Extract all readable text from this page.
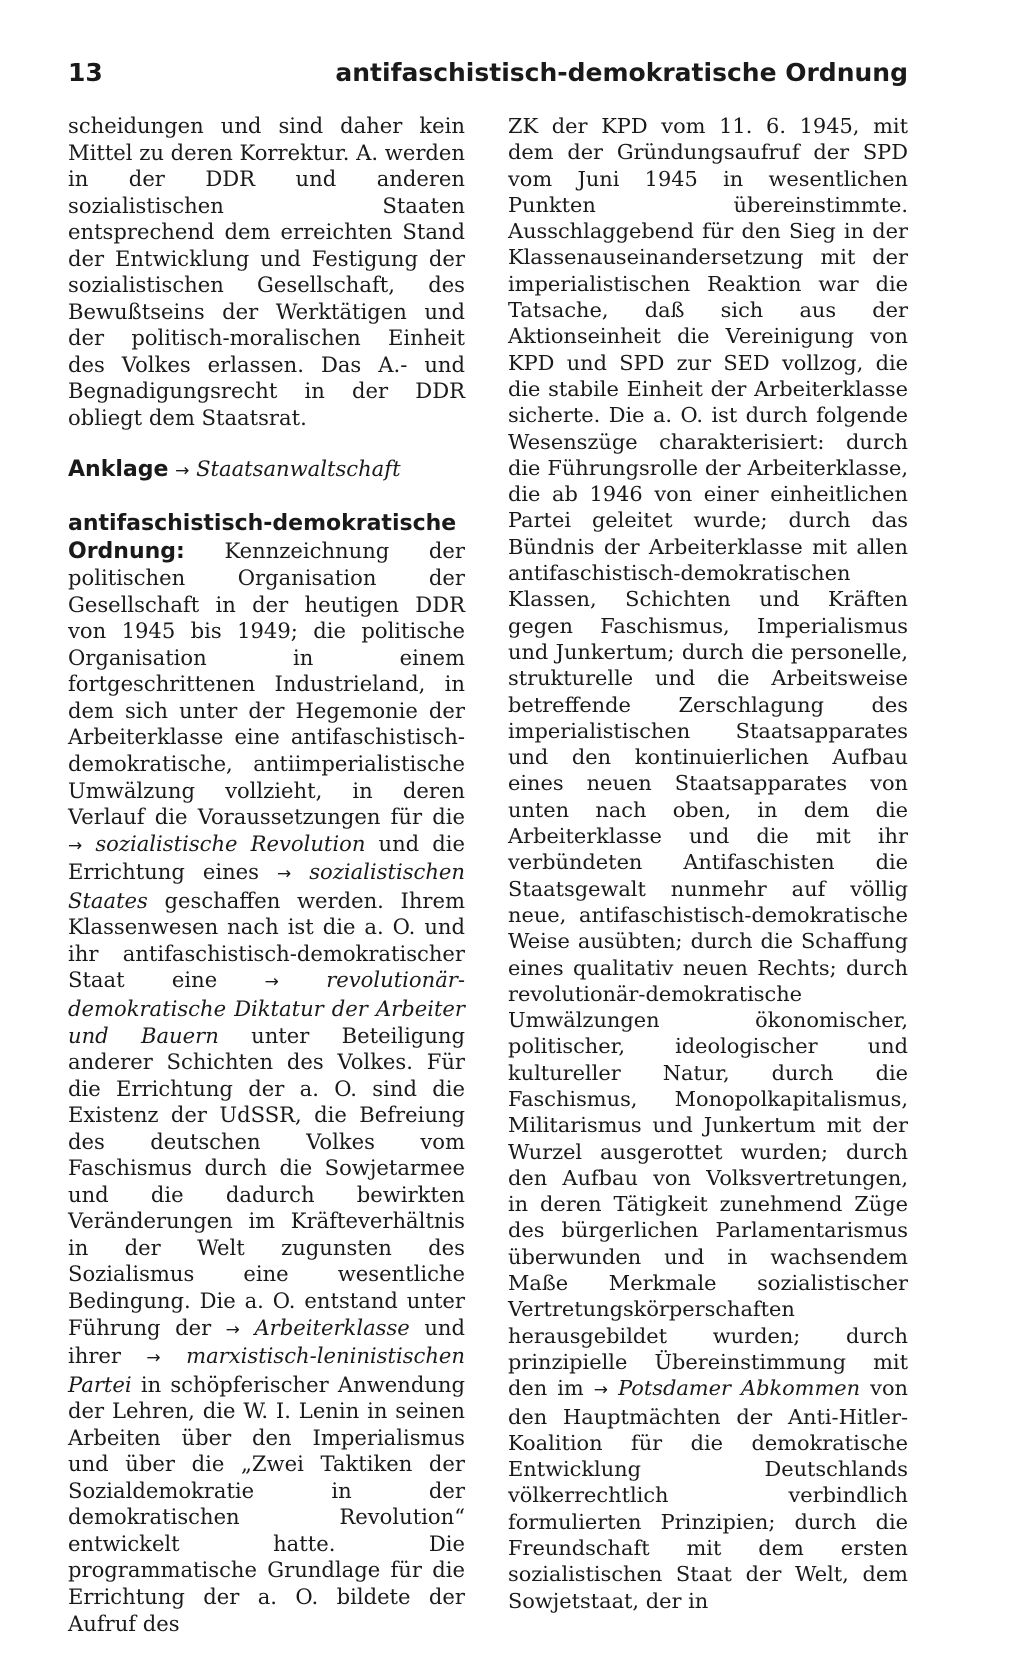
13	antifaschistisch-demokratische Ordnung

scheidungen und sind daher kein Mittel zu deren Korrektur. A. werden in der DDR und anderen sozialistischen Staaten entsprechend dem erreichten Stand der Entwicklung und Festigung der sozialistischen Gesellschaft, des Bewußtseins der Werktätigen und der politisch-moralischen Einheit des Volkes erlassen. Das A.- und Begnadigungsrecht in der DDR obliegt dem Staatsrat.

Anklage → Staatsanwaltschaft

antifaschistisch-demokratische
Ordnung: Kennzeichnung der politischen Organisation der Gesellschaft in der heutigen DDR von 1945 bis 1949; die politische Organisation in einem fortgeschrittenen Industrieland, in dem sich unter der Hegemonie der Arbeiterklasse eine antifaschistisch-demokratische, antiimperialistische Umwälzung vollzieht, in deren Verlauf die Voraussetzungen für die → sozialistische Revolution und die Errichtung eines → sozialistischen Staates geschaffen werden. Ihrem Klassenwesen nach ist die a. O. und ihr antifaschistisch-demokratischer Staat eine → revolutionär-demokratische Diktatur der Arbeiter und Bauern unter Beteiligung anderer Schichten des Volkes. Für die Errichtung der a. O. sind die Existenz der UdSSR, die Befreiung des deutschen Volkes vom Faschismus durch die Sowjetarmee und die dadurch bewirkten Veränderungen im Kräfteverhältnis in der Welt zugunsten des Sozialismus eine wesentliche Bedingung. Die a. O. entstand unter Führung der → Arbeiterklasse und ihrer → marxistisch-leninistischen Partei in schöpferischer Anwendung der Lehren, die W. I. Lenin in seinen Arbeiten über den Imperialismus und über die „Zwei Taktiken der Sozialdemokratie in der demokratischen Revolution“ entwickelt hatte. Die programmatische Grundlage für die Errichtung der a. O. bildete der Aufruf des

ZK der KPD vom 11. 6. 1945, mit dem der Gründungsaufruf der SPD vom Juni 1945 in wesentlichen Punkten übereinstimmte. Ausschlaggebend für den Sieg in der Klassenauseinandersetzung mit der imperialistischen Reaktion war die Tatsache, daß sich aus der Aktionseinheit die Vereinigung von KPD und SPD zur SED vollzog, die die stabile Einheit der Arbeiterklasse sicherte. Die a. O. ist durch folgende Wesenszüge charakterisiert: durch die Führungsrolle der Arbeiterklasse, die ab 1946 von einer einheitlichen Partei geleitet wurde; durch das Bündnis der Arbeiterklasse mit allen antifaschistisch-demokratischen Klassen, Schichten und Kräften gegen Faschismus, Imperialismus und Junkertum; durch die personelle, strukturelle und die Arbeitsweise betreffende Zerschlagung des imperialistischen Staatsapparates und den kontinuierlichen Aufbau eines neuen Staatsapparates von unten nach oben, in dem die Arbeiterklasse und die mit ihr verbündeten Antifaschisten die Staatsgewalt nunmehr auf völlig neue, antifaschistisch-demokratische Weise ausübten; durch die Schaffung eines qualitativ neuen Rechts; durch revolutionär-demokratische Umwälzungen ökonomischer, politischer, ideologischer und kultureller Natur, durch die Faschismus, Monopolkapitalismus, Militarismus und Junkertum mit der Wurzel ausgerottet wurden; durch den Aufbau von Volksvertretungen, in deren Tätigkeit zunehmend Züge des bürgerlichen Parlamentarismus überwunden und in wachsendem Maße Merkmale sozialistischer Vertretungskörperschaften herausgebildet wurden; durch prinzipielle Übereinstimmung mit den im → Potsdamer Abkommen von den Hauptmächten der Anti-Hitler-Koalition für die demokratische Entwicklung Deutschlands völkerrechtlich verbindlich formulierten Prinzipien; durch die Freundschaft mit dem ersten sozialistischen Staat der Welt, dem Sowjetstaat, der in
